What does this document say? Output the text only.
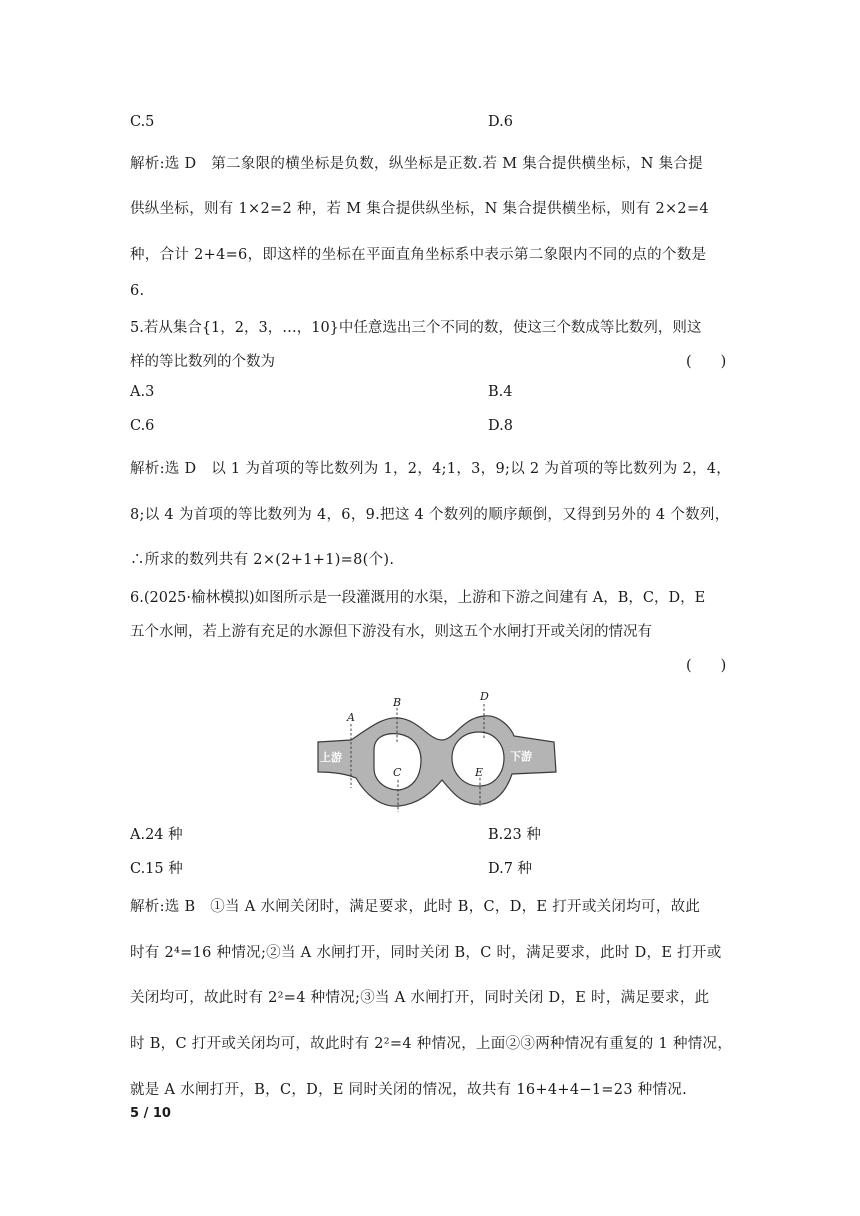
C.5	D.6
解析:选 D　第二象限的横坐标是负数，纵坐标是正数.若 M 集合提供横坐标，N 集合提
供纵坐标，则有 1×2=2 种，若 M 集合提供纵坐标，N 集合提供横坐标，则有 2×2=4
种，合计 2+4=6，即这样的坐标在平面直角坐标系中表示第二象限内不同的点的个数是
6.
5.若从集合{1，2，3，…，10}中任意选出三个不同的数，使这三个数成等比数列，则这
样的等比数列的个数为	(　　)
A.3	B.4
C.6	D.8
解析:选 D　以 1 为首项的等比数列为 1，2，4;1，3，9;以 2 为首项的等比数列为 2，4，
8;以 4 为首项的等比数列为 4，6，9.把这 4 个数列的顺序颠倒，又得到另外的 4 个数列，
∴所求的数列共有 2×(2+1+1)=8(个).
6.(2025·榆林模拟)如图所示是一段灌溉用的水渠，上游和下游之间建有 A，B，C，D，E
五个水闸，若上游有充足的水源但下游没有水，则这五个水闸打开或关闭的情况有
(　　)
A
B
C
D
E
上游	下游
A.24 种	B.23 种
C.15 种	D.7 种
解析:选 B　①当 A 水闸关闭时，满足要求，此时 B，C，D，E 打开或关闭均可，故此
时有 2⁴=16 种情况;②当 A 水闸打开，同时关闭 B，C 时，满足要求，此时 D，E 打开或
关闭均可，故此时有 2²=4 种情况;③当 A 水闸打开，同时关闭 D，E 时，满足要求，此
时 B，C 打开或关闭均可，故此时有 2²=4 种情况，上面②③两种情况有重复的 1 种情况，
就是 A 水闸打开，B，C，D，E 同时关闭的情况，故共有 16+4+4−1=23 种情况.
5 / 10
